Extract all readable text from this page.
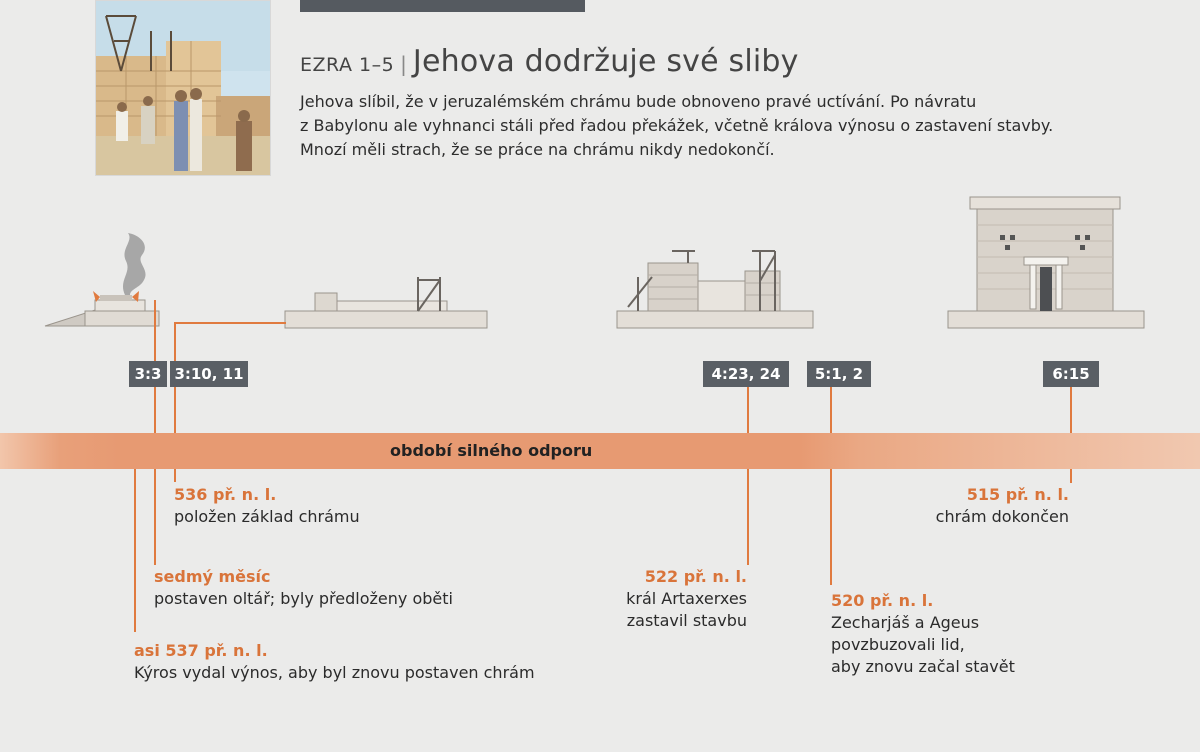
EZRA 1–5 | Jehova dodržuje své sliby
Jehova slíbil, že v jeruzalémském chrámu bude obnoveno pravé uctívání. Po návratu
z Babylonu ale vyhnanci stáli před řadou překážek, včetně králova výnosu o zastavení stavby.
Mnozí měli strach, že se práce na chrámu nikdy nedokončí.
období silného odporu
3:3 3:10, 11	4:23, 24	5:1, 2	6:15
536 př. n. l.
položen základ chrámu
sedmý měsíc
postaven oltář; byly předloženy oběti
asi 537 př. n. l.
Kýros vydal výnos, aby byl znovu postaven chrám
522 př. n. l.
král Artaxerxes
zastavil stavbu
520 př. n. l.
Zecharjáš a Ageus
povzbuzovali lid,
aby znovu začal stavět
515 př. n. l.
chrám dokončen
